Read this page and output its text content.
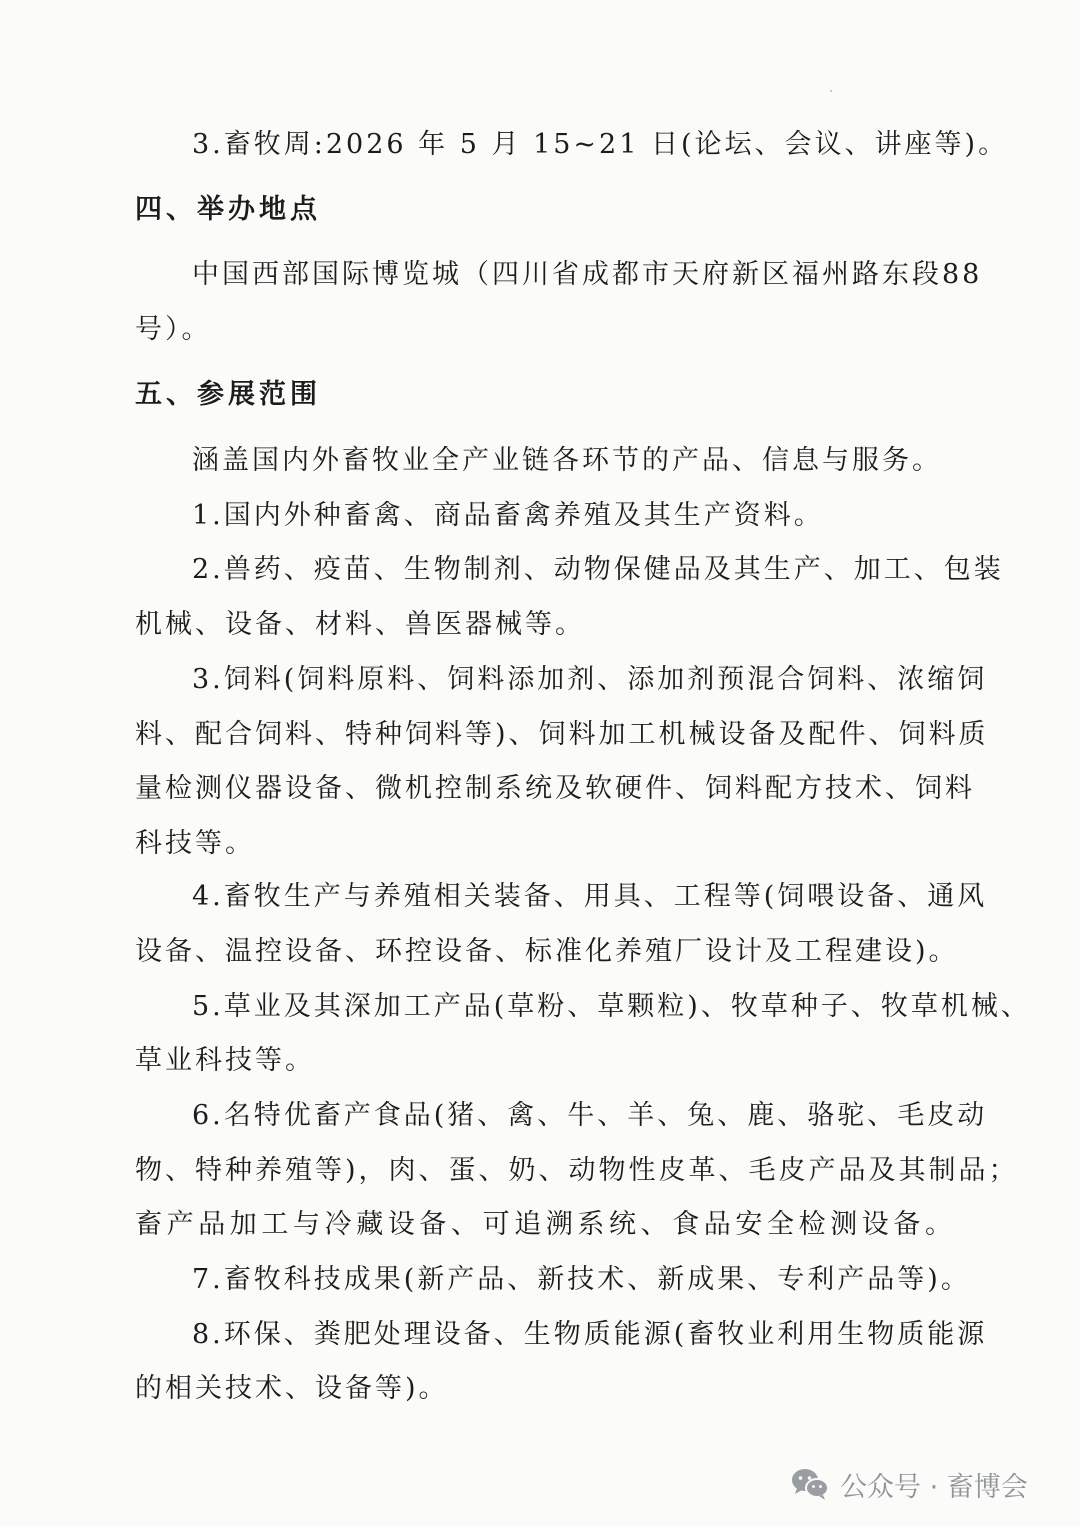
3.畜牧周:2026 年 5 月 15~21 日(论坛、会议、讲座等)。
四、举办地点
中国西部国际博览城（四川省成都市天府新区福州路东段88
号）。
五、参展范围
涵盖国内外畜牧业全产业链各环节的产品、信息与服务。
1.国内外种畜禽、商品畜禽养殖及其生产资料。
2.兽药、疫苗、生物制剂、动物保健品及其生产、加工、包装
机械、设备、材料、兽医器械等。
3.饲料(饲料原料、饲料添加剂、添加剂预混合饲料、浓缩饲
料、配合饲料、特种饲料等)、饲料加工机械设备及配件、饲料质
量检测仪器设备、微机控制系统及软硬件、饲料配方技术、饲料
科技等。
4.畜牧生产与养殖相关装备、用具、工程等(饲喂设备、通风
设备、温控设备、环控设备、标准化养殖厂设计及工程建设)。
5.草业及其深加工产品(草粉、草颗粒)、牧草种子、牧草机械、
草业科技等。
6.名特优畜产食品(猪、禽、牛、羊、兔、鹿、骆驼、毛皮动
物、特种养殖等)，肉、蛋、奶、动物性皮革、毛皮产品及其制品；
畜产品加工与冷藏设备、可追溯系统、食品安全检测设备。
7.畜牧科技成果(新产品、新技术、新成果、专利产品等)。
8.环保、粪肥处理设备、生物质能源(畜牧业利用生物质能源
的相关技术、设备等)。
公众号 · 畜博会
